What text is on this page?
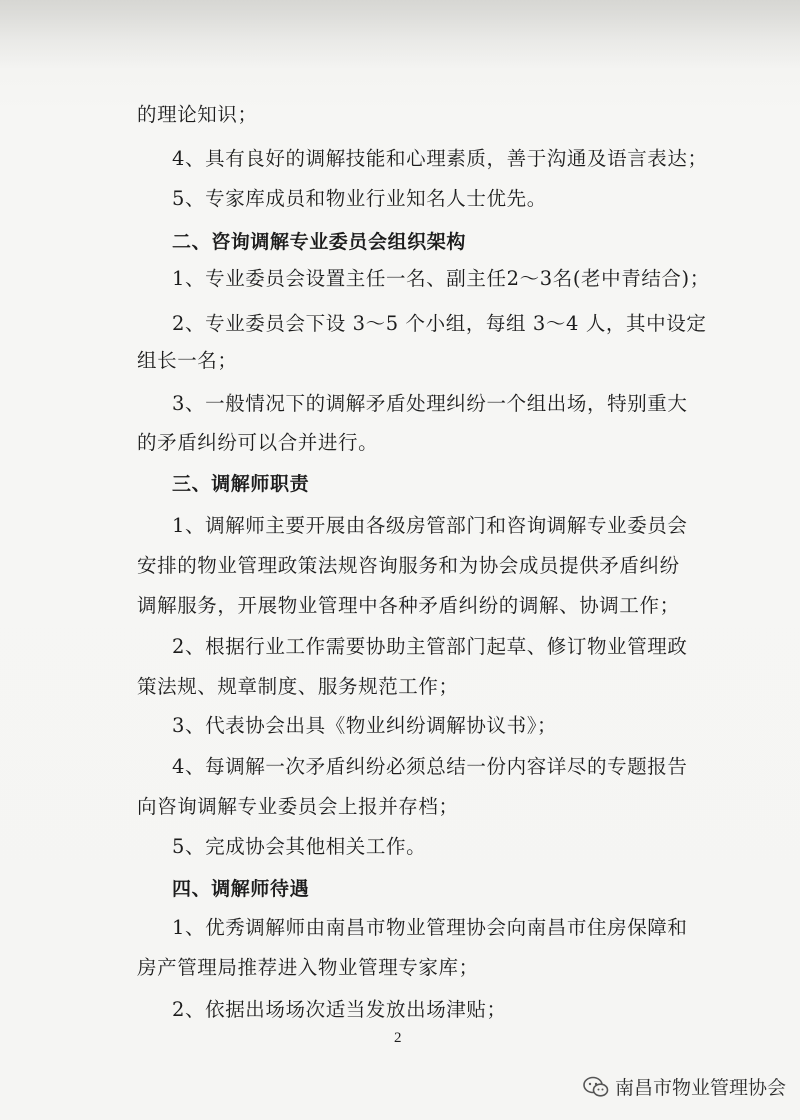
的理论知识；
4、具有良好的调解技能和心理素质，善于沟通及语言表达；
5、专家库成员和物业行业知名人士优先。
二、咨询调解专业委员会组织架构
1、专业委员会设置主任一名、副主任2～3名(老中青结合)；
2、专业委员会下设 3～5 个小组，每组 3～4 人，其中设定
组长一名；
3、一般情况下的调解矛盾处理纠纷一个组出场，特别重大
的矛盾纠纷可以合并进行。
三、调解师职责
1、调解师主要开展由各级房管部门和咨询调解专业委员会
安排的物业管理政策法规咨询服务和为协会成员提供矛盾纠纷
调解服务，开展物业管理中各种矛盾纠纷的调解、协调工作；
2、根据行业工作需要协助主管部门起草、修订物业管理政
策法规、规章制度、服务规范工作；
3、代表协会出具《物业纠纷调解协议书》；
4、每调解一次矛盾纠纷必须总结一份内容详尽的专题报告
向咨询调解专业委员会上报并存档；
5、完成协会其他相关工作。
四、调解师待遇
1、优秀调解师由南昌市物业管理协会向南昌市住房保障和
房产管理局推荐进入物业管理专家库；
2、依据出场场次适当发放出场津贴；
2
南昌市物业管理协会
